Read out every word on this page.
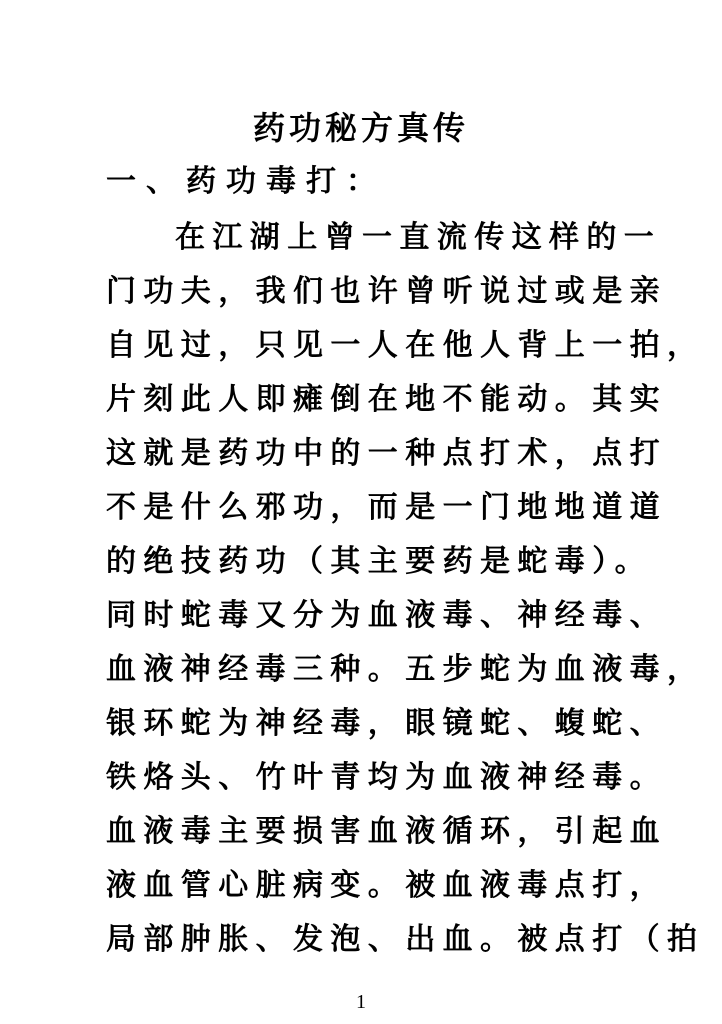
药功秘方真传
一、药功毒打：
在江湖上曾一直流传这样的一
门功夫，我们也许曾听说过或是亲
自见过，只见一人在他人背上一拍，
片刻此人即瘫倒在地不能动。其实
这就是药功中的一种点打术，点打
不是什么邪功，而是一门地地道道
的绝技药功（其主要药是蛇毒）。
同时蛇毒又分为血液毒、神经毒、
血液神经毒三种。五步蛇为血液毒，
银环蛇为神经毒，眼镜蛇、蝮蛇、
铁烙头、竹叶青均为血液神经毒。
血液毒主要损害血液循环，引起血
液血管心脏病变。被血液毒点打，
局部肿胀、发泡、出血。被点打（拍
1
